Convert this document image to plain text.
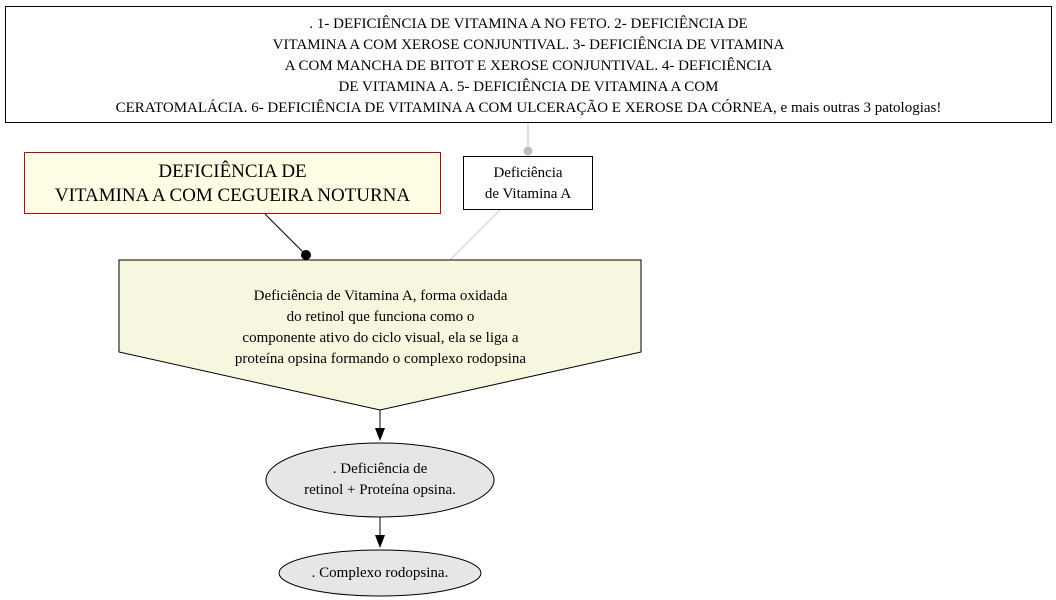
. 1- DEFICIÊNCIA DE VITAMINA A NO FETO. 2- DEFICIÊNCIA DE
VITAMINA A COM XEROSE CONJUNTIVAL. 3- DEFICIÊNCIA DE VITAMINA
A COM MANCHA DE BITOT E XEROSE CONJUNTIVAL. 4- DEFICIÊNCIA
DE VITAMINA A. 5- DEFICIÊNCIA DE VITAMINA A COM
CERATOMALÁCIA. 6- DEFICIÊNCIA DE VITAMINA A COM ULCERAÇÃO E XEROSE DA CÓRNEA, e mais outras 3 patologias!
DEFICIÊNCIA DE
VITAMINA A COM CEGUEIRA NOTURNA
Deficiência
de Vitamina A
Deficiência de Vitamina A, forma oxidada
do retinol que funciona como o
componente ativo do ciclo visual, ela se liga a
proteína opsina formando o complexo rodopsina
. Deficiência de
retinol + Proteína opsina.
. Complexo rodopsina.
